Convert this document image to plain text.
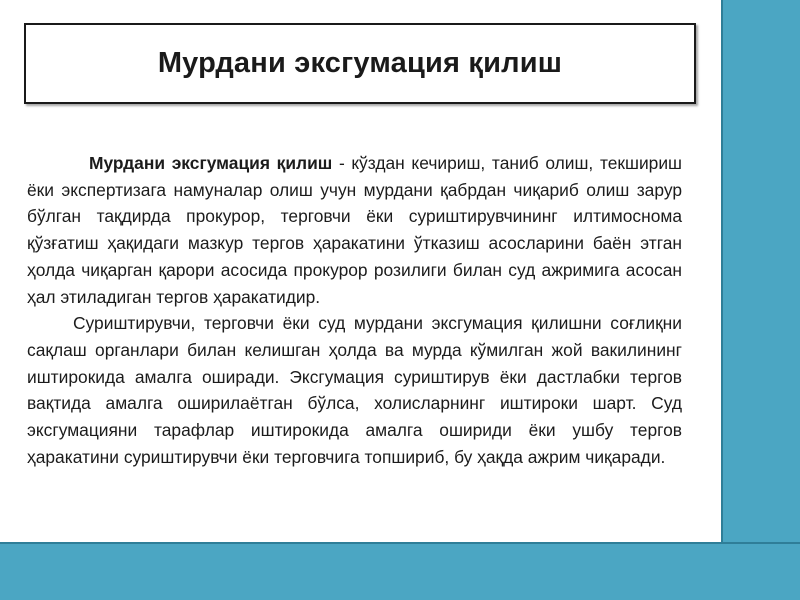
Мурдани эксгумация қилиш

Мурдани эксгумация қилиш - кўздан кечириш, таниб олиш, текшириш ёки экспертизага намуналар олиш учун мурдани қабрдан чиқариб олиш зарур бўлган тақдирда прокурор, терговчи ёки суриштирувчининг илтимоснома қўзғатиш ҳақидаги мазкур тергов ҳаракатини ўтказиш асосларини баён этган ҳолда чиқарган қарори асосида прокурор розилиги билан суд ажримига асосан ҳал этиладиган тергов ҳаракатидир.

Суриштирувчи, терговчи ёки суд мурдани эксгумация қилишни соғлиқни сақлаш органлари билан келишган ҳолда ва мурда кўмилган жой вакилининг иштирокида амалга оширади. Эксгумация суриштирув ёки дастлабки тергов вақтида амалга оширилаётган бўлса, холисларнинг иштироки шарт. Суд эксгумацияни тарафлар иштирокида амалга ошириди ёки ушбу тергов ҳаракатини суриштирувчи ёки терговчига топшириб, бу ҳақда ажрим чиқаради.
